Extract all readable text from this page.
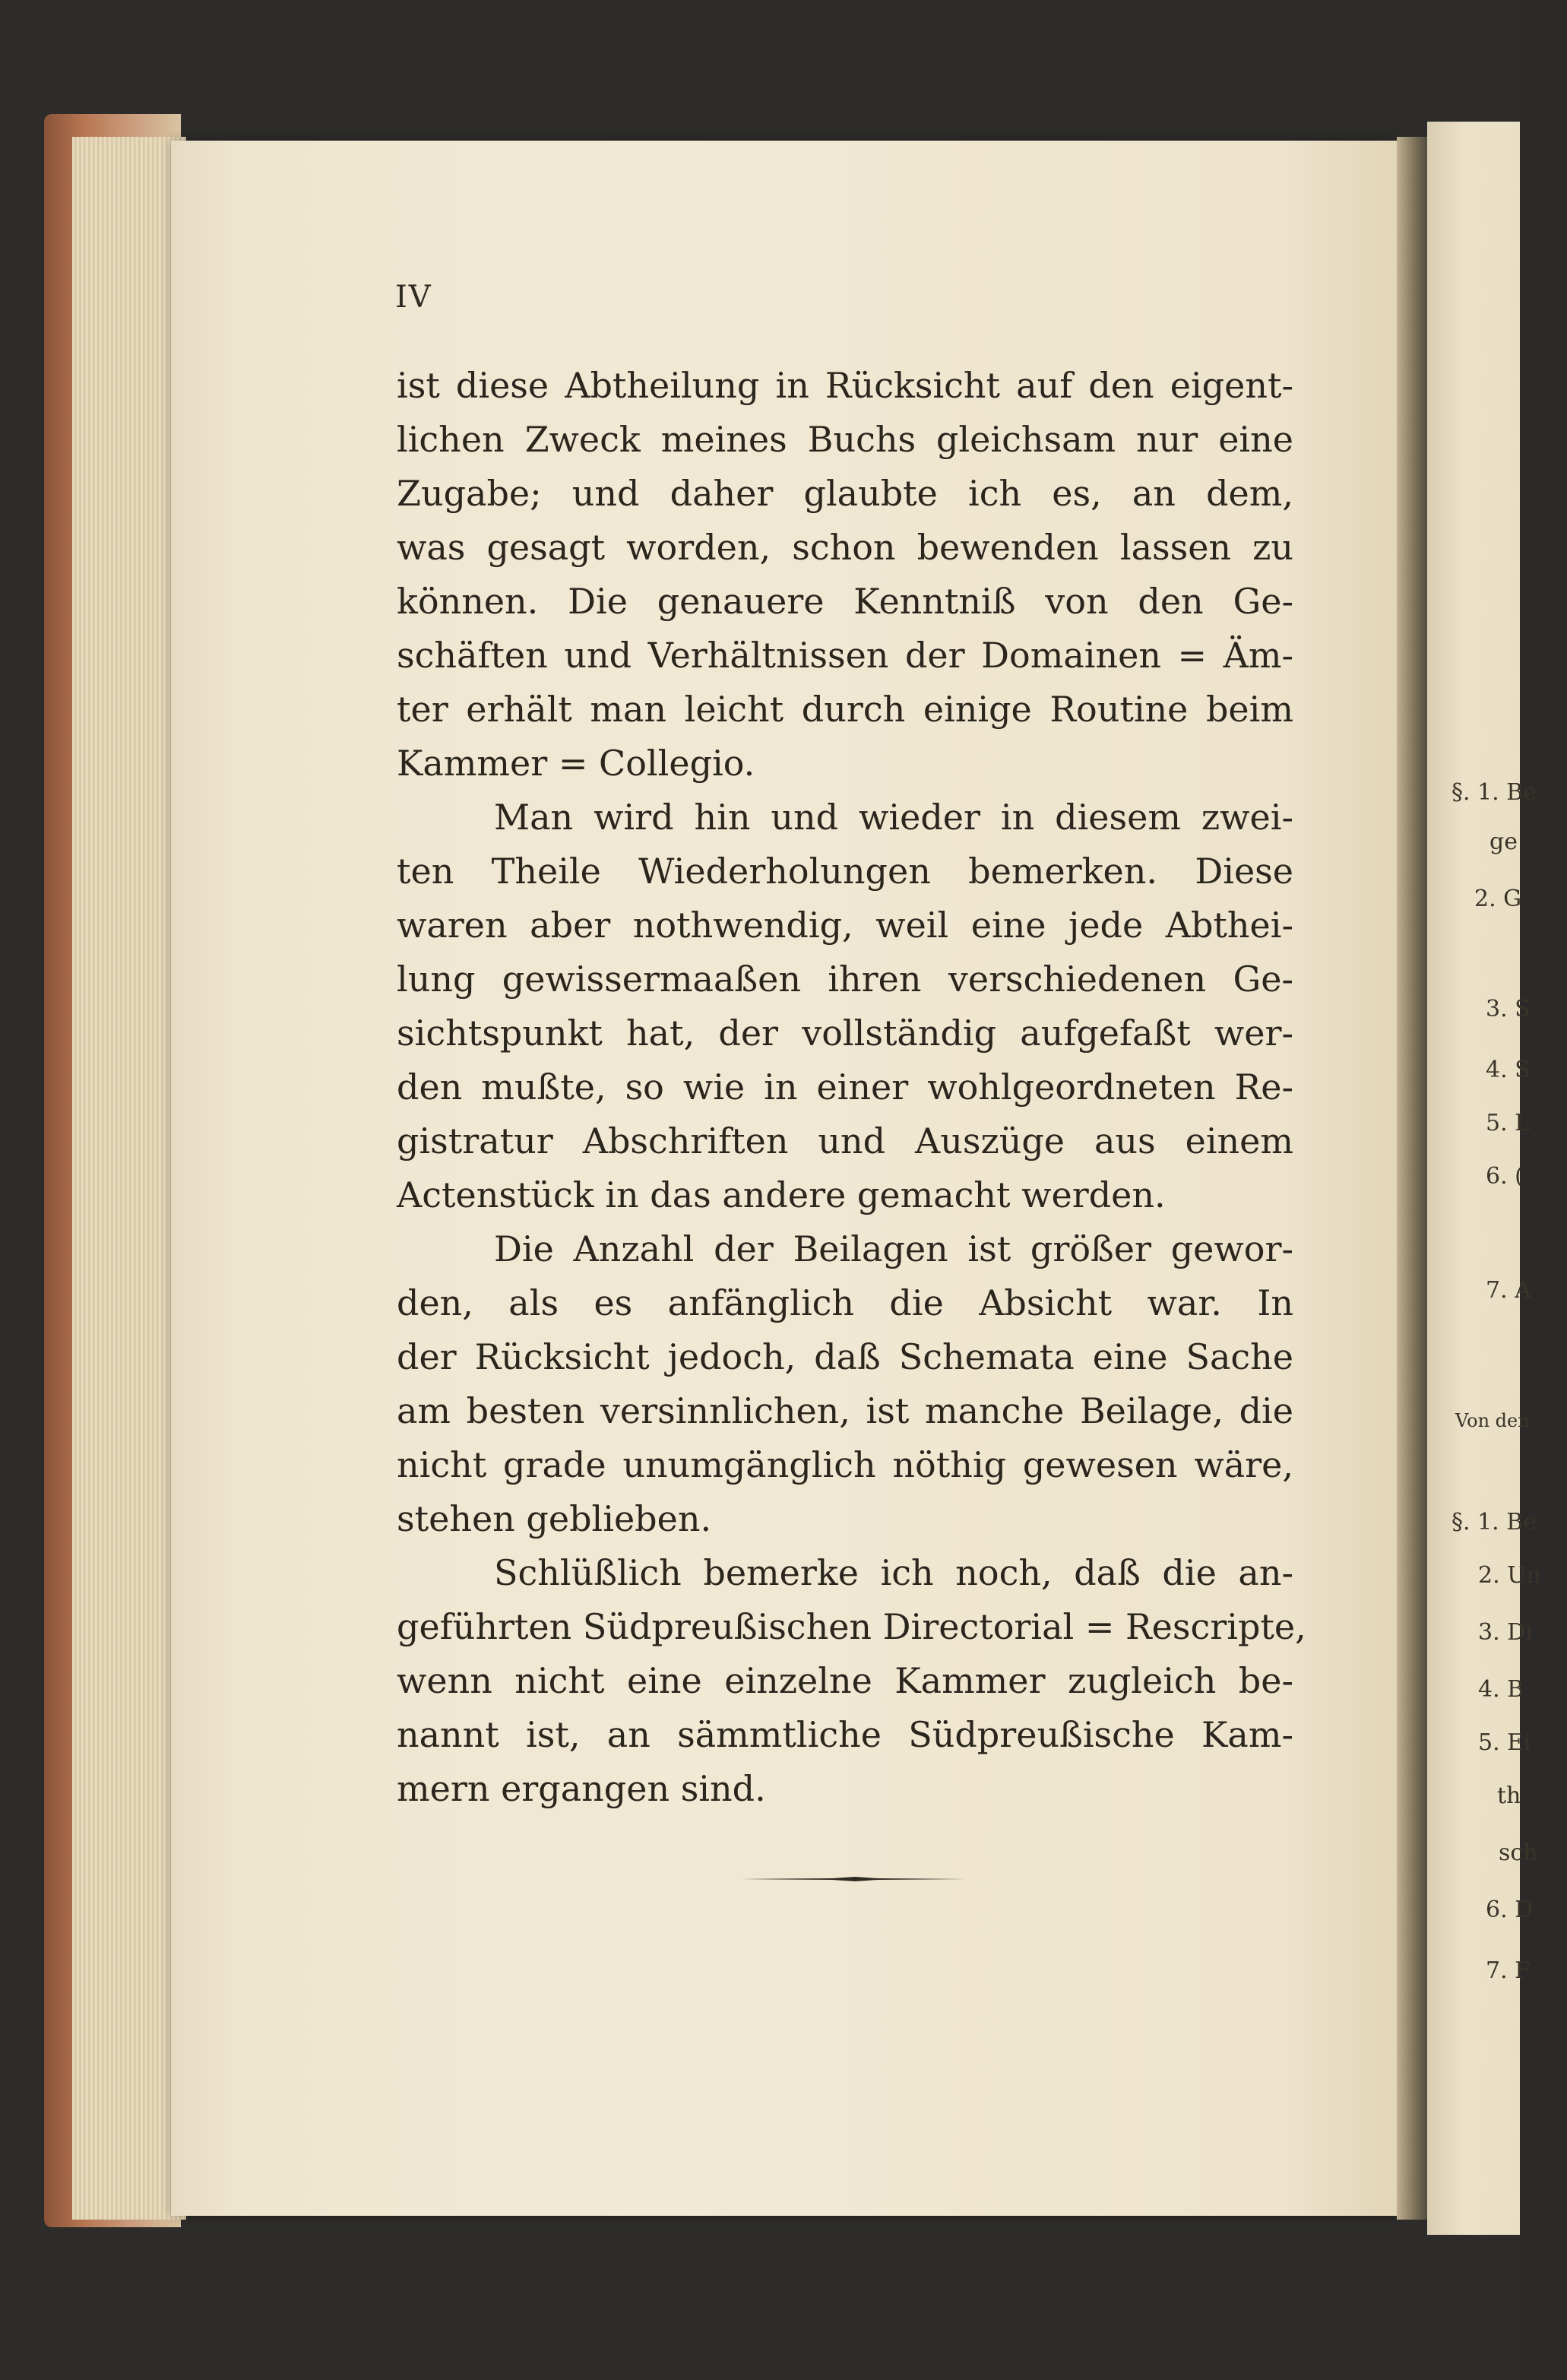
IV
ist diese Abtheilung in Rücksicht auf den eigent-
lichen Zweck meines Buchs gleichsam nur eine
Zugabe; und daher glaubte ich es, an dem,
was gesagt worden, schon bewenden lassen zu
können. Die genauere Kenntniß von den Ge-
schäften und Verhältnissen der Domainen = Äm-
ter erhält man leicht durch einige Routine beim
Kammer = Collegio.
Man wird hin und wieder in diesem zwei-
ten Theile Wiederholungen bemerken. Diese
waren aber nothwendig, weil eine jede Abthei-
lung gewissermaaßen ihren verschiedenen Ge-
sichtspunkt hat, der vollständig aufgefaßt wer-
den mußte, so wie in einer wohlgeordneten Re-
gistratur Abschriften und Auszüge aus einem
Actenstück in das andere gemacht werden.
Die Anzahl der Beilagen ist größer gewor-
den, als es anfänglich die Absicht war. In
der Rücksicht jedoch, daß Schemata eine Sache
am besten versinnlichen, ist manche Beilage, die
nicht grade unumgänglich nöthig gewesen wäre,
stehen geblieben.
Schlüßlich bemerke ich noch, daß die an-
geführten Südpreußischen Directorial = Rescripte,
wenn nicht eine einzelne Kammer zugleich be-
nannt ist, an sämmtliche Südpreußische Kam-
mern ergangen sind.
§. 1. Be
ge
2. G
3. S
4. S
5. L
6. (
7. A
Von den
§. 1. Be
2. Un
3. Di
4. B
5. Ei
th
sch
6. D
7. F
